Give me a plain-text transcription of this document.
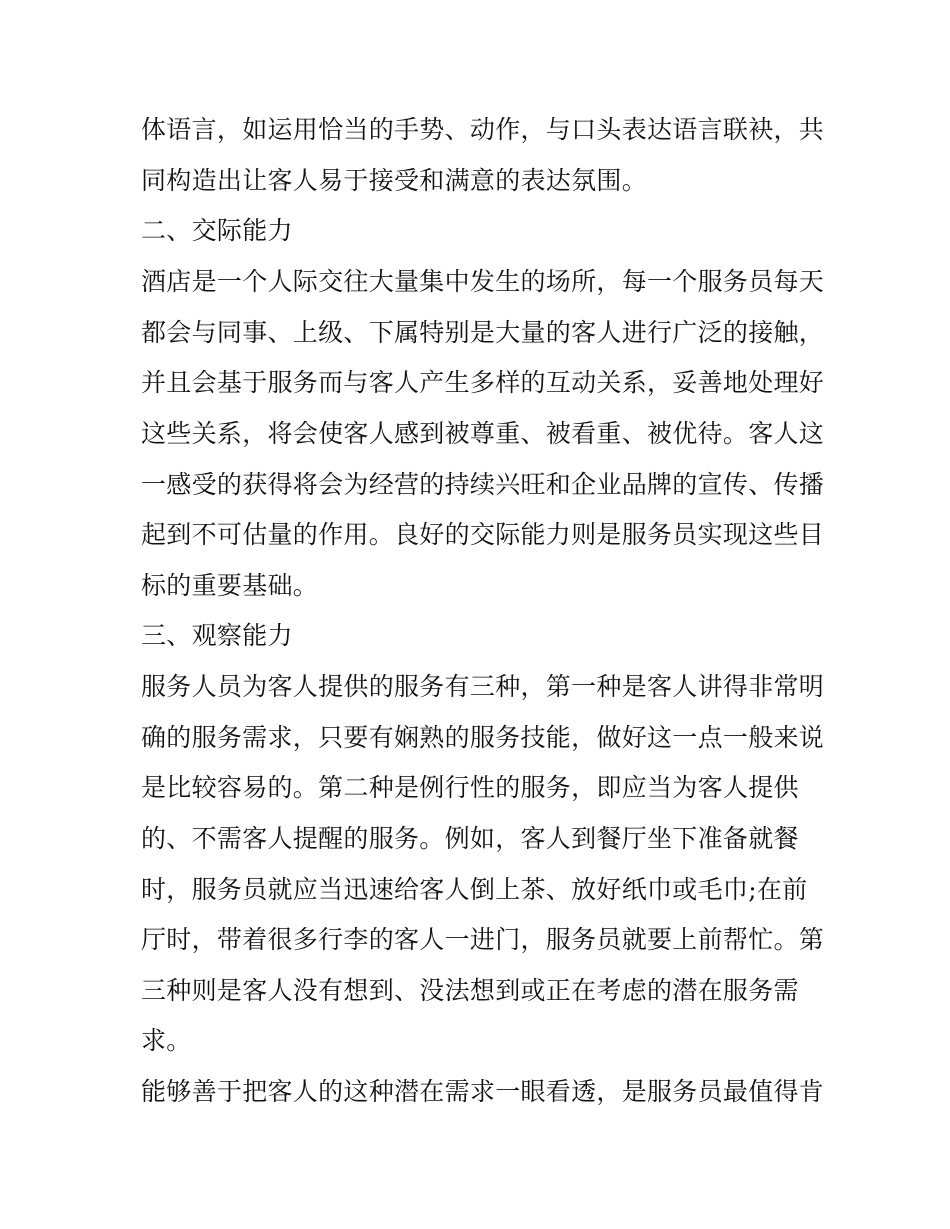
体语言，如运用恰当的手势、动作，与口头表达语言联袂，共
同构造出让客人易于接受和满意的表达氛围。
二、交际能力
酒店是一个人际交往大量集中发生的场所，每一个服务员每天
都会与同事、上级、下属特别是大量的客人进行广泛的接触，
并且会基于服务而与客人产生多样的互动关系，妥善地处理好
这些关系，将会使客人感到被尊重、被看重、被优待。客人这
一感受的获得将会为经营的持续兴旺和企业品牌的宣传、传播
起到不可估量的作用。良好的交际能力则是服务员实现这些目
标的重要基础。
三、观察能力
服务人员为客人提供的服务有三种，第一种是客人讲得非常明
确的服务需求，只要有娴熟的服务技能，做好这一点一般来说
是比较容易的。第二种是例行性的服务，即应当为客人提供
的、不需客人提醒的服务。例如，客人到餐厅坐下准备就餐
时，服务员就应当迅速给客人倒上茶、放好纸巾或毛巾;在前
厅时，带着很多行李的客人一进门，服务员就要上前帮忙。第
三种则是客人没有想到、没法想到或正在考虑的潜在服务需
求。
能够善于把客人的这种潜在需求一眼看透，是服务员最值得肯
